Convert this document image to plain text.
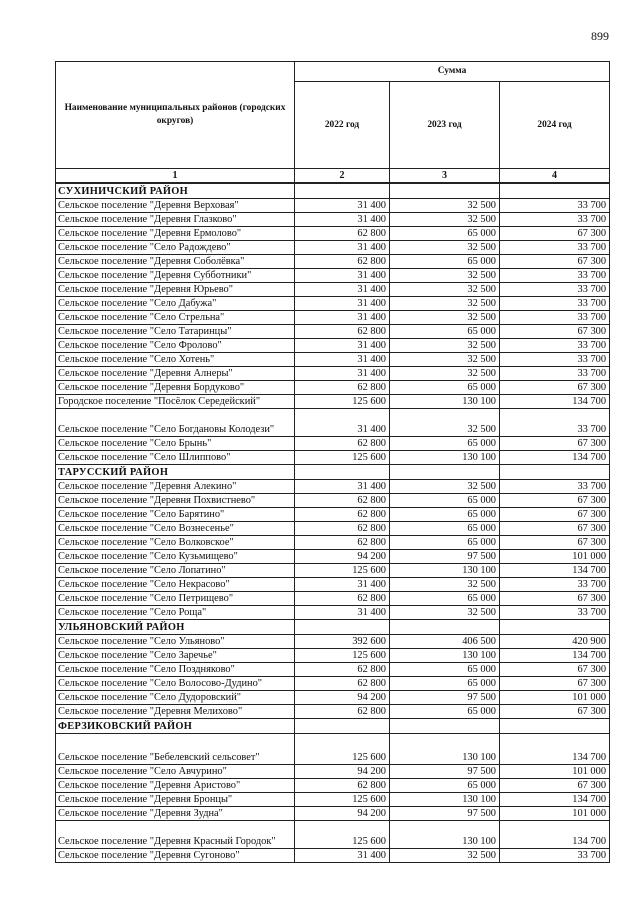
899
Наименование муниципальных районов (городских округов)	Сумма		
	2022 год	2023 год	2024 год
1	2	3	4
СУХИНИЧСКИЙ РАЙОН			
Сельское поселение "Деревня Верховая"	31 400	32 500	33 700
Сельское поселение "Деревня Глазково"	31 400	32 500	33 700
Сельское поселение "Деревня Ермолово"	62 800	65 000	67 300
Сельское поселение "Село Радождево"	31 400	32 500	33 700
Сельское поселение "Деревня Соболёвка"	62 800	65 000	67 300
Сельское поселение "Деревня Субботники"	31 400	32 500	33 700
Сельское поселение "Деревня Юрьево"	31 400	32 500	33 700
Сельское поселение "Село Дабужа"	31 400	32 500	33 700
Сельское поселение "Село Стрельна"	31 400	32 500	33 700
Сельское поселение "Село Татаринцы"	62 800	65 000	67 300
Сельское поселение "Село Фролово"	31 400	32 500	33 700
Сельское поселение "Село Хотень"	31 400	32 500	33 700
Сельское поселение "Деревня Алнеры"	31 400	32 500	33 700
Сельское поселение "Деревня Бордуково"	62 800	65 000	67 300
Городское поселение "Посёлок Середейский"	125 600	130 100	134 700
Сельское поселение "Село Богдановы Колодези"	31 400	32 500	33 700
Сельское поселение "Село Брынь"	62 800	65 000	67 300
Сельское поселение "Село Шлиппово"	125 600	130 100	134 700
ТАРУССКИЙ РАЙОН			
Сельское поселение "Деревня Алекино"	31 400	32 500	33 700
Сельское поселение "Деревня Похвистнево"	62 800	65 000	67 300
Сельское поселение "Село Барятино"	62 800	65 000	67 300
Сельское поселение "Село Вознесенье"	62 800	65 000	67 300
Сельское поселение "Село Волковское"	62 800	65 000	67 300
Сельское поселение "Село Кузьмищево"	94 200	97 500	101 000
Сельское поселение "Село Лопатино"	125 600	130 100	134 700
Сельское поселение "Село Некрасово"	31 400	32 500	33 700
Сельское поселение "Село Петрищево"	62 800	65 000	67 300
Сельское поселение "Село Роща"	31 400	32 500	33 700
УЛЬЯНОВСКИЙ РАЙОН			
Сельское поселение "Село Ульяново"	392 600	406 500	420 900
Сельское поселение "Село Заречье"	125 600	130 100	134 700
Сельское поселение "Село Поздняково"	62 800	65 000	67 300
Сельское поселение "Село Волосово-Дудино"	62 800	65 000	67 300
Сельское поселение "Село Дудоровский"	94 200	97 500	101 000
Сельское поселение "Деревня Мелихово"	62 800	65 000	67 300
ФЕРЗИКОВСКИЙ РАЙОН			
Сельское поселение "Бебелевский сельсовет"	125 600	130 100	134 700
Сельское поселение "Село Авчурино"	94 200	97 500	101 000
Сельское поселение "Деревня Аристово"	62 800	65 000	67 300
Сельское поселение "Деревня Бронцы"	125 600	130 100	134 700
Сельское поселение "Деревня Зудна"	94 200	97 500	101 000
Сельское поселение "Деревня Красный Городок"	125 600	130 100	134 700
Сельское поселение "Деревня Сугоново"	31 400	32 500	33 700
